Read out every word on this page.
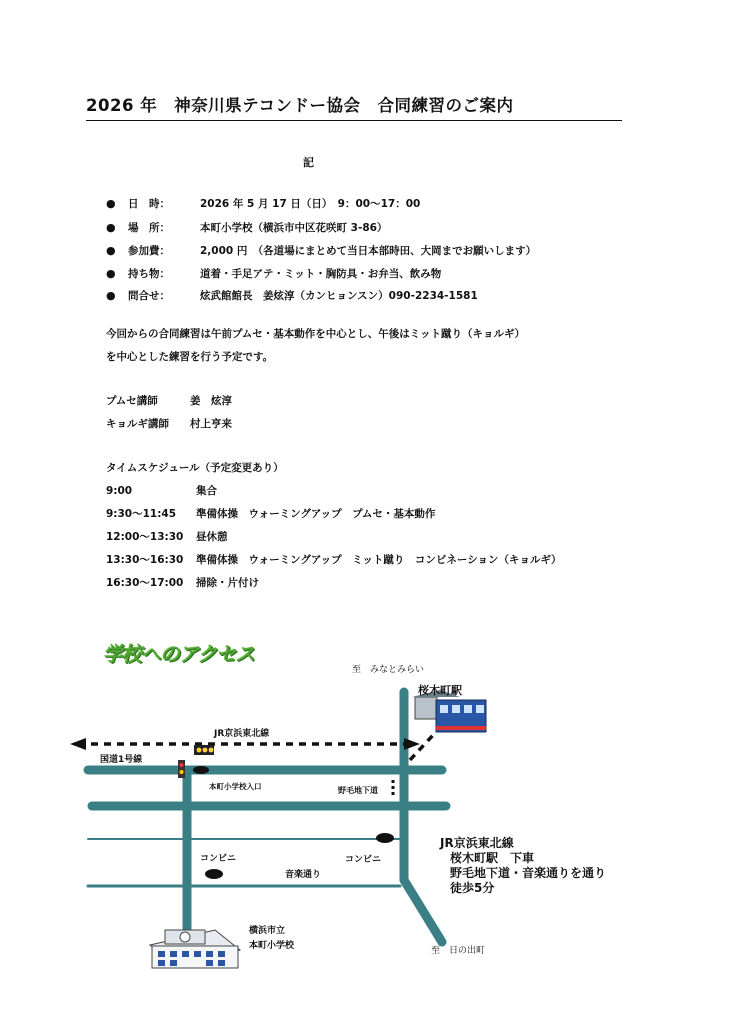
2026 年　神奈川県テコンドー協会　合同練習のご案内
記
● 日　時：	2026 年 5 月 17 日（日）　9：00～17：00
● 場　所：	本町小学校（横浜市中区花咲町 3-86）
● 参加費：	2,000 円　（各道場にまとめて当日本部時田、大岡までお願いします）
● 持ち物：	道着・手足アテ・ミット・胸防具・お弁当、飲み物
● 問合せ：	炫武館館長　姜炫淳（カンヒョンスン）090-2234-1581
今回からの合同練習は午前プムセ・基本動作を中心とし、午後はミット蹴り（キョルギ）
を中心とした練習を行う予定です。
プムセ講師	姜　炫淳
キョルギ講師 村上亨来
タイムスケジュール（予定変更あり）
9:00	集合
9:30～11:45 準備体操　ウォーミングアップ　プムセ・基本動作
12:00～13:30 昼休憩
13:30～16:30 準備体操　ウォーミングアップ　ミット蹴り　コンビネーション（キョルギ）
16:30～17:00 掃除・片付け
学校へのアクセス
至　みなとみらい
至　日の出町
桜木町駅
JR京浜東北線
国道1号線
本町小学校入口	野毛地下道
コンビニ	コンビニ
音楽通り
横浜市立
本町小学校
JR京浜東北線
桜木町駅　下車
野毛地下道・音楽通りを通り
徒歩5分
